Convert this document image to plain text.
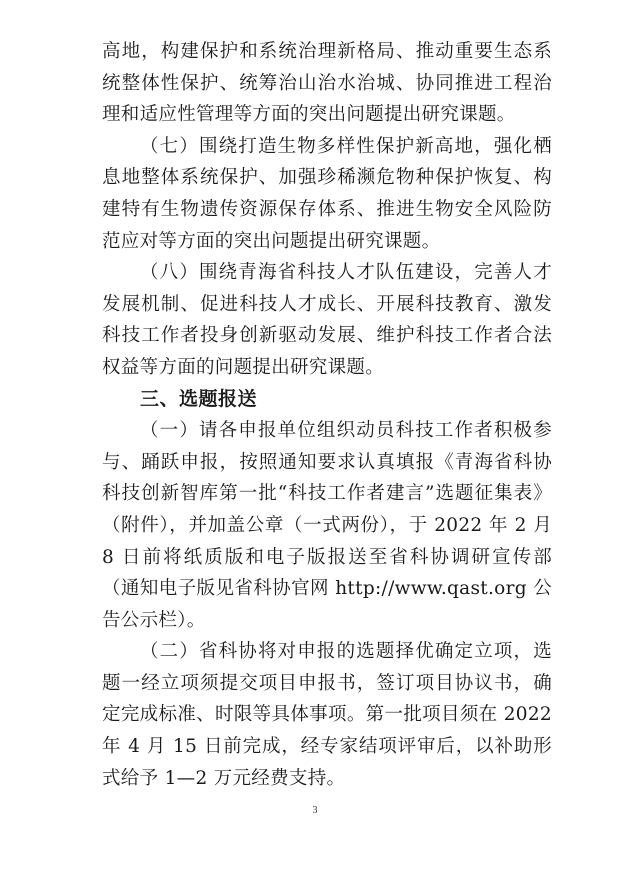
高地，构建保护和系统治理新格局、推动重要生态系统整体性保护、统筹治山治水治城、协同推进工程治理和适应性管理等方面的突出问题提出研究课题。

（七）围绕打造生物多样性保护新高地，强化栖息地整体系统保护、加强珍稀濒危物种保护恢复、构建特有生物遗传资源保存体系、推进生物安全风险防范应对等方面的突出问题提出研究课题。

（八）围绕青海省科技人才队伍建设，完善人才发展机制、促进科技人才成长、开展科技教育、激发科技工作者投身创新驱动发展、维护科技工作者合法权益等方面的问题提出研究课题。

三、选题报送

（一）请各申报单位组织动员科技工作者积极参与、踊跃申报，按照通知要求认真填报《青海省科协科技创新智库第一批“科技工作者建言”选题征集表》（附件），并加盖公章（一式两份），于 2022 年 2 月 8 日前将纸质版和电子版报送至省科协调研宣传部（通知电子版见省科协官网 http://www.qast.org 公告公示栏）。

（二）省科协将对申报的选题择优确定立项，选题一经立项须提交项目申报书，签订项目协议书，确定完成标准、时限等具体事项。第一批项目须在 2022 年 4 月 15 日前完成，经专家结项评审后，以补助形式给予 1—2 万元经费支持。

3
